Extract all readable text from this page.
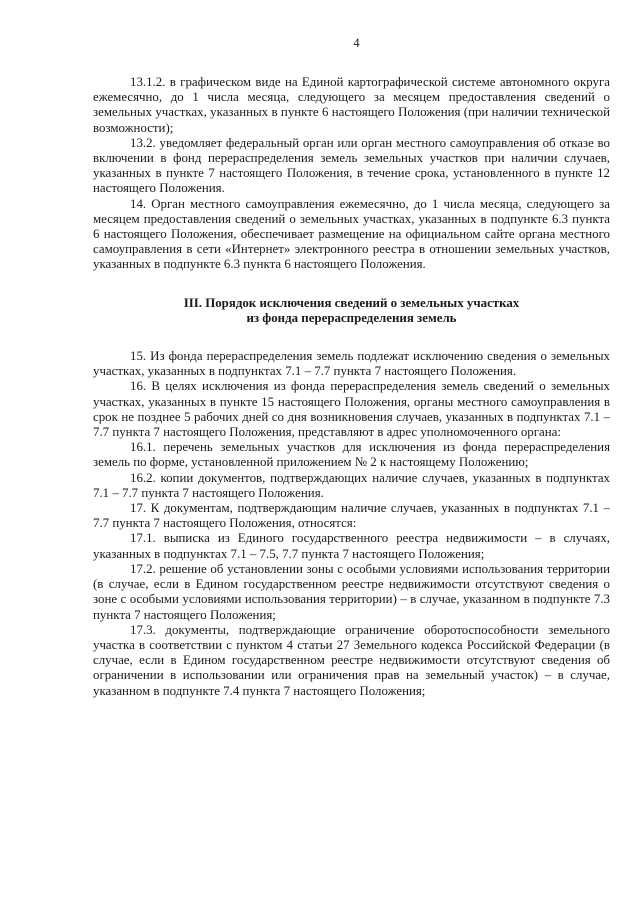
4

13.1.2. в графическом виде на Единой картографической системе автономного округа ежемесячно, до 1 числа месяца, следующего за месяцем предоставления сведений о земельных участках, указанных в пункте 6 настоящего Положения (при наличии технической возможности);

13.2. уведомляет федеральный орган или орган местного самоуправления об отказе во включении в фонд перераспределения земель земельных участков при наличии случаев, указанных в пункте 7 настоящего Положения, в течение срока, установленного в пункте 12 настоящего Положения.

14. Орган местного самоуправления ежемесячно, до 1 числа месяца, следующего за месяцем предоставления сведений о земельных участках, указанных в подпункте 6.3 пункта 6 настоящего Положения, обеспечивает размещение на официальном сайте органа местного самоуправления в сети «Интернет» электронного реестра в отношении земельных участков, указанных в подпункте 6.3 пункта 6 настоящего Положения.

III. Порядок исключения сведений о земельных участках
из фонда перераспределения земель

15. Из фонда перераспределения земель подлежат исключению сведения о земельных участках, указанных в подпунктах 7.1 – 7.7 пункта 7 настоящего Положения.

16. В целях исключения из фонда перераспределения земель сведений о земельных участках, указанных в пункте 15 настоящего Положения, органы местного самоуправления в срок не позднее 5 рабочих дней со дня возникновения случаев, указанных в подпунктах 7.1 – 7.7 пункта 7 настоящего Положения, представляют в адрес уполномоченного органа:

16.1. перечень земельных участков для исключения из фонда перераспределения земель по форме, установленной приложением № 2 к настоящему Положению;

16.2. копии документов, подтверждающих наличие случаев, указанных в подпунктах 7.1 – 7.7 пункта 7 настоящего Положения.

17. К документам, подтверждающим наличие случаев, указанных в подпунктах 7.1 – 7.7 пункта 7 настоящего Положения, относятся:

17.1. выписка из Единого государственного реестра недвижимости – в случаях, указанных в подпунктах 7.1 – 7.5, 7.7 пункта 7 настоящего Положения;

17.2. решение об установлении зоны с особыми условиями использования территории (в случае, если в Едином государственном реестре недвижимости отсутствуют сведения о зоне с особыми условиями использования территории) – в случае, указанном в подпункте 7.3 пункта 7 настоящего Положения;

17.3. документы, подтверждающие ограничение оборотоспособности земельного участка в соответствии с пунктом 4 статьи 27 Земельного кодекса Российской Федерации (в случае, если в Едином государственном реестре недвижимости отсутствуют сведения об ограничении в использовании или ограничения прав на земельный участок) – в случае, указанном в подпункте 7.4 пункта 7 настоящего Положения;
